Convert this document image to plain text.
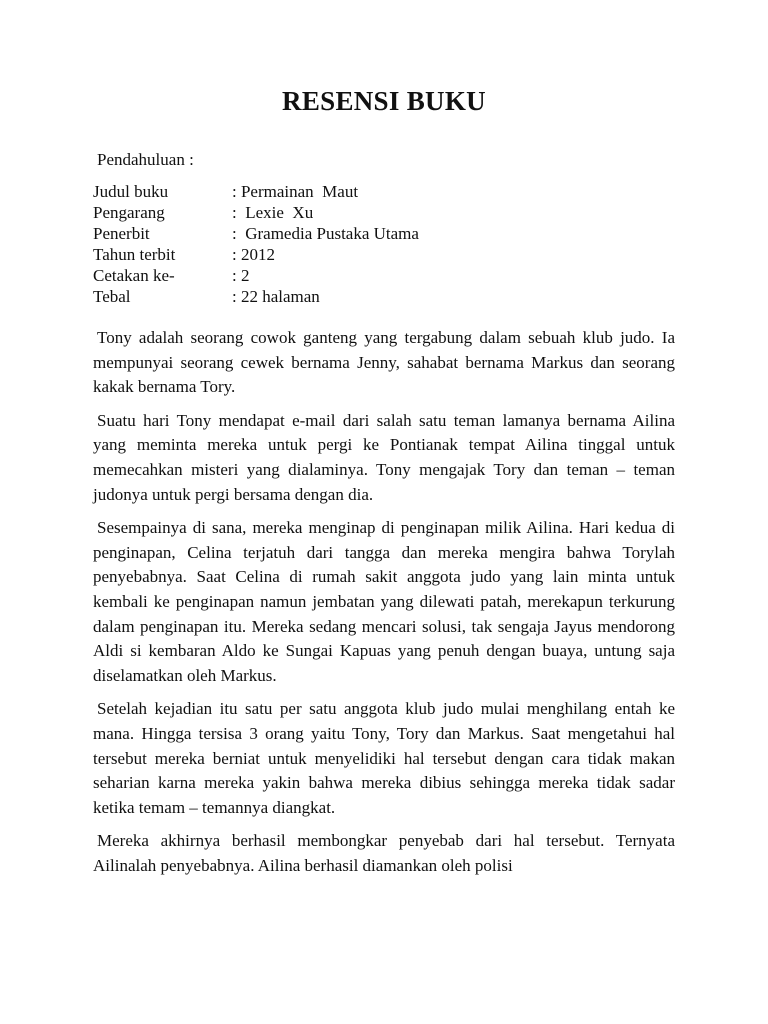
RESENSI BUKU

Pendahuluan :

Judul buku	: Permainan  Maut
Pengarang	:  Lexie  Xu
Penerbit	:  Gramedia Pustaka Utama
Tahun terbit	: 2012
Cetakan ke-	: 2
Tebal	: 22 halaman

Tony adalah seorang cowok ganteng yang tergabung dalam sebuah klub judo. Ia mempunyai seorang cewek bernama Jenny, sahabat bernama Markus dan seorang kakak bernama Tory.

Suatu hari Tony mendapat e-mail dari salah satu teman lamanya bernama Ailina yang meminta mereka untuk pergi ke Pontianak tempat Ailina tinggal untuk memecahkan misteri yang dialaminya. Tony mengajak Tory dan teman – teman judonya untuk pergi bersama dengan dia.

Sesempainya di sana, mereka menginap di penginapan milik Ailina. Hari kedua di penginapan, Celina terjatuh dari tangga dan mereka mengira bahwa Torylah penyebabnya. Saat Celina di rumah sakit anggota judo yang lain minta untuk kembali ke penginapan namun jembatan yang dilewati patah, merekapun terkurung dalam penginapan itu. Mereka sedang mencari solusi, tak sengaja Jayus mendorong Aldi si kembaran Aldo ke Sungai Kapuas yang penuh dengan buaya, untung saja diselamatkan oleh Markus.

Setelah kejadian itu satu per satu anggota klub judo mulai menghilang entah ke mana. Hingga tersisa 3 orang yaitu Tony, Tory dan Markus. Saat mengetahui hal tersebut mereka berniat untuk menyelidiki hal tersebut dengan cara tidak makan seharian karna mereka yakin bahwa mereka dibius sehingga mereka tidak sadar ketika temam – temannya diangkat.

Mereka akhirnya berhasil membongkar penyebab dari hal tersebut. Ternyata Ailinalah penyebabnya. Ailina berhasil diamankan oleh polisi
